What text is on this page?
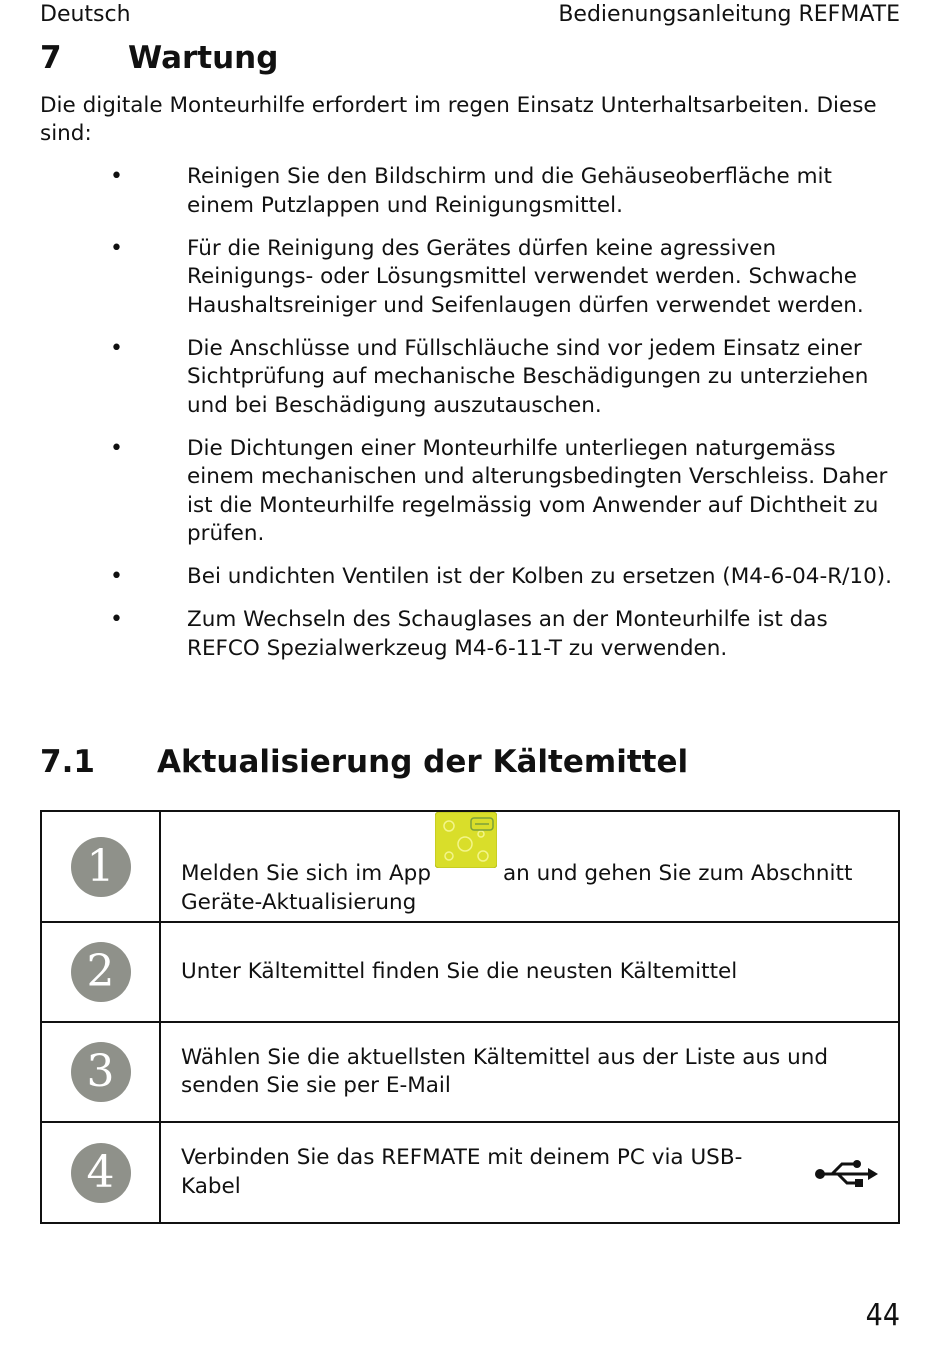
Deutsch	Bedienungsanleitung REFMATE
7 Wartung
Die digitale Monteurhilfe erfordert im regen Einsatz Unterhaltsarbeiten. Diese sind:
•	Reinigen Sie den Bildschirm und die Gehäuseoberfläche mit einem Putzlappen und Reinigungsmittel.
•	Für die Reinigung des Gerätes dürfen keine agressiven Reinigungs- oder Lösungsmittel verwendet werden. Schwache Haushaltsreiniger und Seifenlaugen dürfen verwendet werden.
•	Die Anschlüsse und Füllschläuche sind vor jedem Einsatz einer Sichtprüfung auf mechanische Beschädigungen zu unterziehen und bei Beschädigung auszutauschen.
•	Die Dichtungen einer Monteurhilfe unterliegen naturgemäss einem mechanischen und alterungsbedingten Verschleiss. Daher ist die Monteurhilfe regelmässig vom Anwender auf Dichtheit zu prüfen.
•	Bei undichten Ventilen ist der Kolben zu ersetzen (M4-6-04-R/10).
•	Zum Wechseln des Schauglases an der Monteurhilfe ist das REFCO Spezialwerkzeug M4-6-11-T zu verwenden.
7.1 Aktualisierung der Kältemittel
1	Melden Sie sich im App an und gehen Sie zum Abschnitt Geräte-Aktualisierung
2	Unter Kältemittel finden Sie die neusten Kältemittel
3	Wählen Sie die aktuellsten Kältemittel aus der Liste aus und senden Sie sie per E-Mail
4	Verbinden Sie das REFMATE mit deinem PC via USB-Kabel
44
